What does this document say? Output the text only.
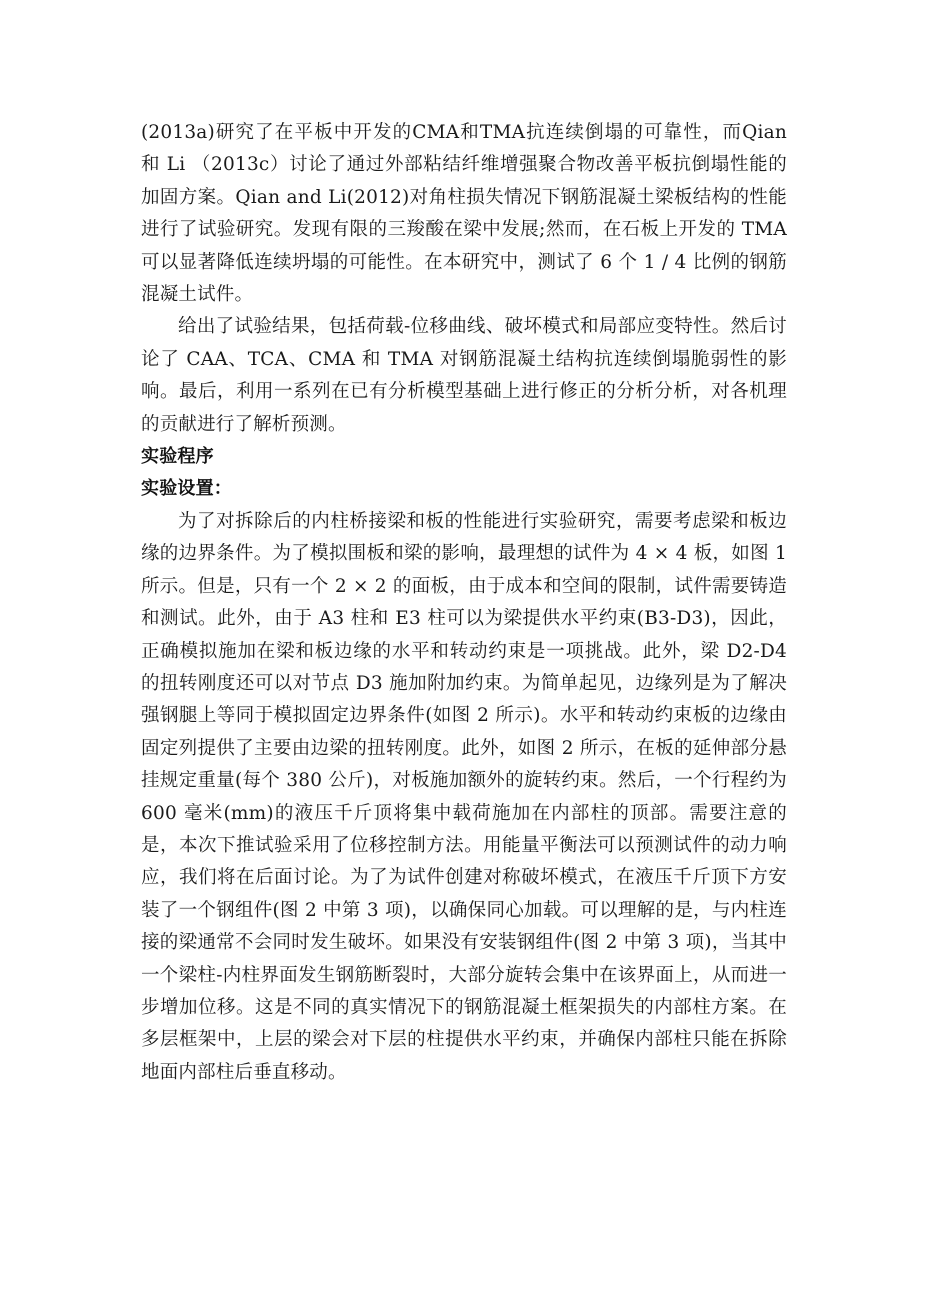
(2013a)研究了在平板中开发的CMA和TMA抗连续倒塌的可靠性，而Qian 和 Li （2013c）讨论了通过外部粘结纤维增强聚合物改善平板抗倒塌性能的加固方案。Qian and Li(2012)对角柱损失情况下钢筋混凝土梁板结构的性能进行了试验研究。发现有限的三羧酸在梁中发展;然而，在石板上开发的 TMA 可以显著降低连续坍塌的可能性。在本研究中，测试了 6 个 1 / 4 比例的钢筋混凝土试件。

给出了试验结果，包括荷载-位移曲线、破坏模式和局部应变特性。然后讨论了 CAA、TCA、CMA 和 TMA 对钢筋混凝土结构抗连续倒塌脆弱性的影响。最后，利用一系列在已有分析模型基础上进行修正的分析分析，对各机理的贡献进行了解析预测。

实验程序

实验设置：

为了对拆除后的内柱桥接梁和板的性能进行实验研究，需要考虑梁和板边缘的边界条件。为了模拟围板和梁的影响，最理想的试件为 4 × 4 板，如图 1 所示。但是，只有一个 2 × 2 的面板，由于成本和空间的限制，试件需要铸造和测试。此外，由于 A3 柱和 E3 柱可以为梁提供水平约束(B3-D3)，因此，正确模拟施加在梁和板边缘的水平和转动约束是一项挑战。此外，梁 D2-D4 的扭转刚度还可以对节点 D3 施加附加约束。为简单起见，边缘列是为了解决强钢腿上等同于模拟固定边界条件(如图 2 所示)。水平和转动约束板的边缘由固定列提供了主要由边梁的扭转刚度。此外，如图 2 所示，在板的延伸部分悬挂规定重量(每个 380 公斤)，对板施加额外的旋转约束。然后，一个行程约为 600 毫米(mm)的液压千斤顶将集中载荷施加在内部柱的顶部。需要注意的是，本次下推试验采用了位移控制方法。用能量平衡法可以预测试件的动力响应，我们将在后面讨论。为了为试件创建对称破坏模式，在液压千斤顶下方安装了一个钢组件(图 2 中第 3 项)，以确保同心加载。可以理解的是，与内柱连接的梁通常不会同时发生破坏。如果没有安装钢组件(图 2 中第 3 项)，当其中一个梁柱-内柱界面发生钢筋断裂时，大部分旋转会集中在该界面上，从而进一步增加位移。这是不同的真实情况下的钢筋混凝土框架损失的内部柱方案。在多层框架中，上层的梁会对下层的柱提供水平约束，并确保内部柱只能在拆除地面内部柱后垂直移动。
